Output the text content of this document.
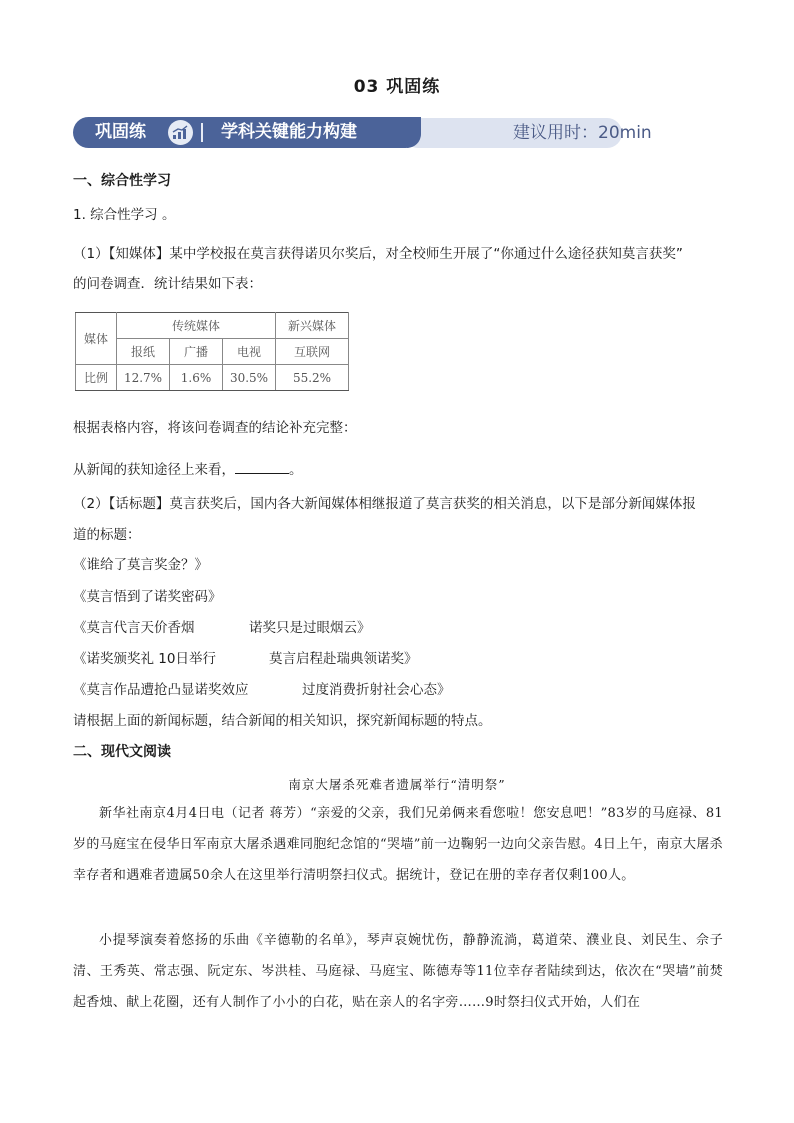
03 巩固练
建议用时：20min
巩固练	学科关键能力构建
一、综合性学习
1. 综合性学习 。
（1）【知媒体】某中学校报在莫言获得诺贝尔奖后，对全校师生开展了“你通过什么途径获知莫言获奖”
的问卷调查．统计结果如下表：
媒体	传统媒体			新兴媒体
	报纸	广播	电视	互联网
比例	12.7%	1.6%	30.5%	55.2%
根据表格内容，将该问卷调查的结论补充完整：
从新闻的获知途径上来看，	。
（2）【话标题】莫言获奖后，国内各大新闻媒体相继报道了莫言获奖的相关消息，以下是部分新闻媒体报
道的标题：
《谁给了莫言奖金？》
《莫言悟到了诺奖密码》
《莫言代言天价香烟	诺奖只是过眼烟云》
《诺奖颁奖礼 10日举行	莫言启程赴瑞典领诺奖》
《莫言作品遭抢凸显诺奖效应	过度消费折射社会心态》
请根据上面的新闻标题，结合新闻的相关知识，探究新闻标题的特点。
二、现代文阅读
南京大屠杀死难者遗属举行“清明祭”

新华社南京4月4日电（记者 蒋芳）“亲爱的父亲，我们兄弟俩来看您啦！您安息吧！”83岁的马庭禄、81岁的马庭宝在侵华日军南京大屠杀遇难同胞纪念馆的“哭墙”前一边鞠躬一边向父亲告慰。4日上午，南京大屠杀幸存者和遇难者遗属50余人在这里举行清明祭扫仪式。据统计，登记在册的幸存者仅剩100人。

小提琴演奏着悠扬的乐曲《辛德勒的名单》，琴声哀婉忧伤，静静流淌，葛道荣、濮业良、刘民生、佘子清、王秀英、常志强、阮定东、岑洪桂、马庭禄、马庭宝、陈德寿等11位幸存者陆续到达，依次在“哭墙”前焚起香烛、献上花圈，还有人制作了小小的白花，贴在亲人的名字旁……9时祭扫仪式开始，人们在
